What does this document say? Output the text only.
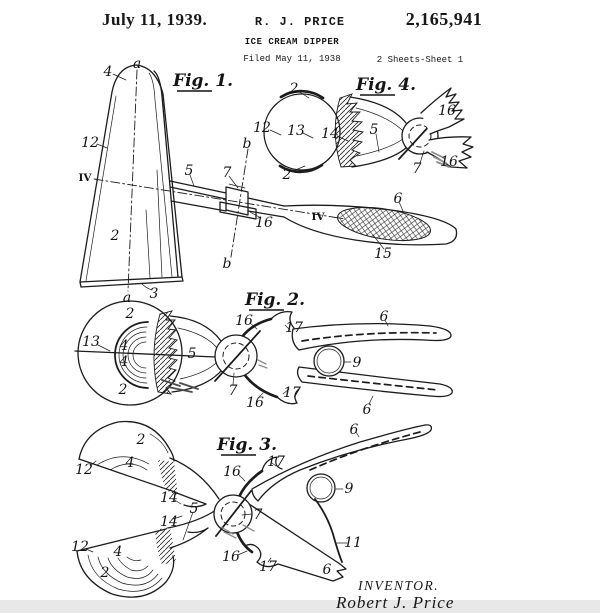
July 11, 1939.	R. J. PRICE	2,165,941
ICE CREAM DIPPER
Filed May 11, 1938	2 Sheets-Sheet 1
Fig. 1.	Fig. 4.
Fig. 2.
Fig. 3.
a
4
12
IV
2
a 3
5 7
b
b
16	IV
6
15
2
12 13 14 5
7
16
16
2
2
13 4
4
2
5
16 17
7
16
17
6
9
6
6
2
17
4
12	16
9
14
5	7
14
11
12 4	16
17	6
2
INVENTOR.
Robert J. Price
